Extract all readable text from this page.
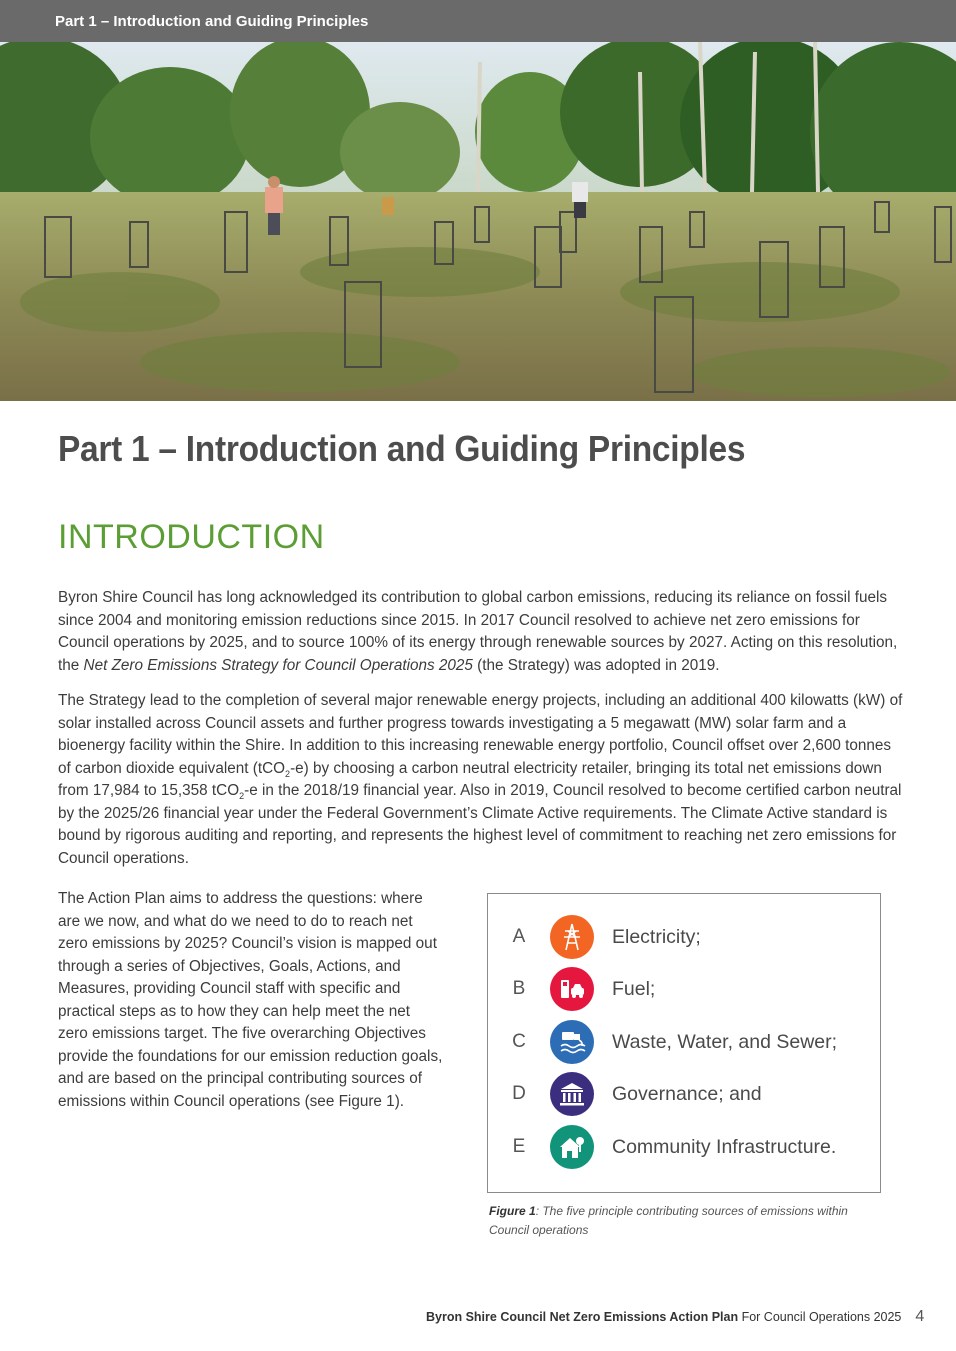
Part 1 – Introduction and Guiding Principles
Part 1 – Introduction and Guiding Principles
INTRODUCTION

Byron Shire Council has long acknowledged its contribution to global carbon emissions, reducing its reliance on fossil fuels since 2004 and monitoring emission reductions since 2015. In 2017 Council resolved to achieve net zero emissions for Council operations by 2025, and to source 100% of its energy through renewable sources by 2027. Acting on this resolution, the Net Zero Emissions Strategy for Council Operations 2025 (the Strategy) was adopted in 2019.

The Strategy lead to the completion of several major renewable energy projects, including an additional 400 kilowatts (kW) of solar installed across Council assets and further progress towards investigating a 5 megawatt (MW) solar farm and a bioenergy facility within the Shire. In addition to this increasing renewable energy portfolio, Council offset over 2,600 tonnes of carbon dioxide equivalent (tCO$_2$-e) by choosing a carbon neutral electricity retailer, bringing its total net emissions down from 17,984 to 15,358 tCO$_2$-e in the 2018/19 financial year. Also in 2019, Council resolved to become certified carbon neutral by the 2025/26 financial year under the Federal Government’s Climate Active requirements. The Climate Active standard is bound by rigorous auditing and reporting, and represents the highest level of commitment to reaching net zero emissions for Council operations.

The Action Plan aims to address the questions: where are we now, and what do we need to do to reach net zero emissions by 2025? Council’s vision is mapped out through a series of Objectives, Goals, Actions, and Measures, providing Council staff with specific and practical steps as to how they can help meet the net zero emissions target. The five overarching Objectives provide the foundations for our emission reduction goals, and are based on the principal contributing sources of emissions within Council operations (see Figure 1).

A	Electricity;
B	Fuel;
C	Waste, Water, and Sewer;
D	Governance; and
E	Community Infrastructure.

Figure 1: The five principle contributing sources of emissions within Council operations

Byron Shire Council Net Zero Emissions Action Plan For Council Operations 2025 4
